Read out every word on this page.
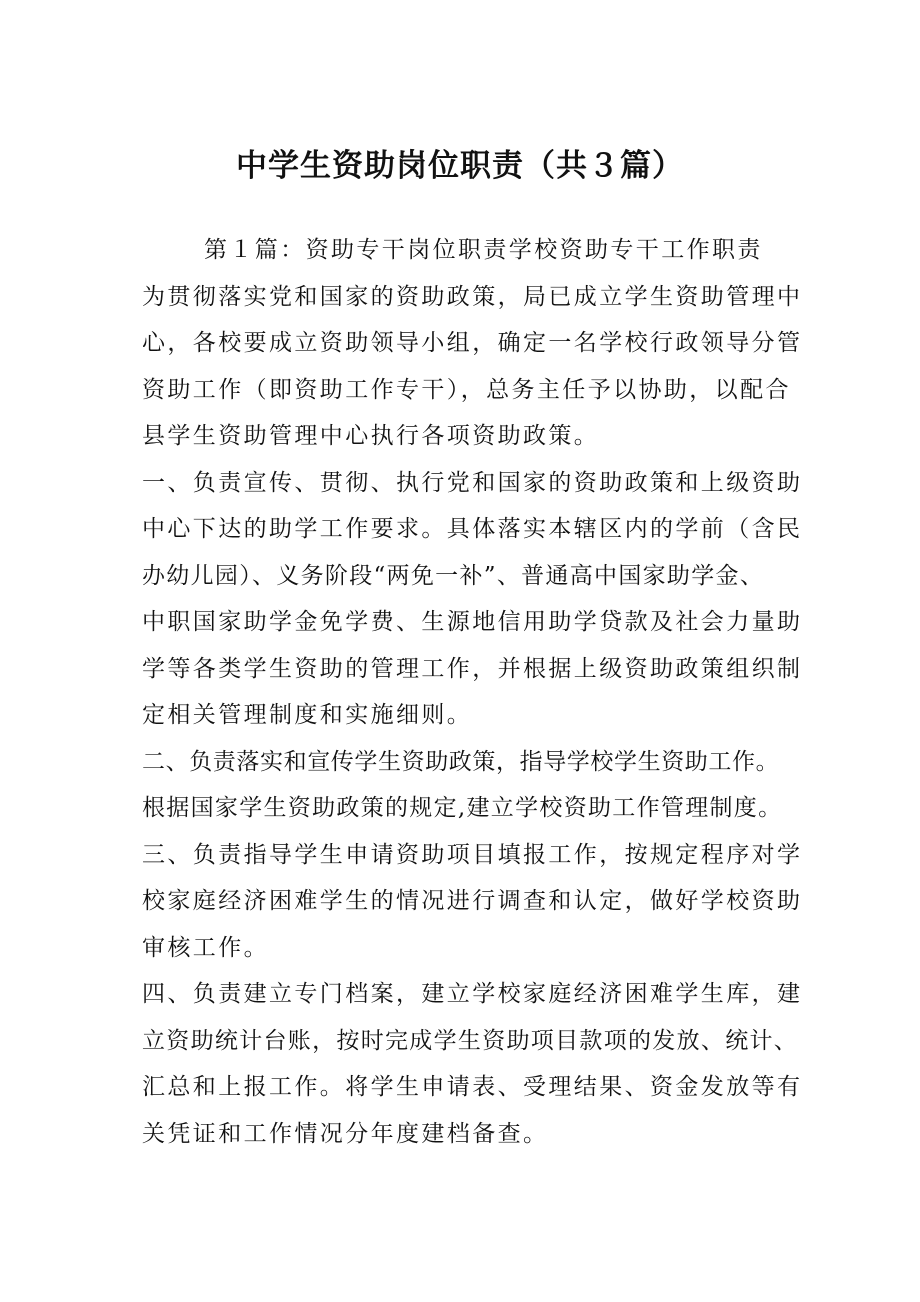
中学生资助岗位职责（共３篇）
第１篇：资助专干岗位职责学校资助专干工作职责
为贯彻落实党和国家的资助政策，局已成立学生资助管理中
心，各校要成立资助领导小组，确定一名学校行政领导分管
资助工作（即资助工作专干），总务主任予以协助，以配合
县学生资助管理中心执行各项资助政策。
一、负责宣传、贯彻、执行党和国家的资助政策和上级资助
中心下达的助学工作要求。具体落实本辖区内的学前（含民
办幼儿园）、义务阶段“两免一补”、普通高中国家助学金、
中职国家助学金免学费、生源地信用助学贷款及社会力量助
学等各类学生资助的管理工作，并根据上级资助政策组织制
定相关管理制度和实施细则。
二、负责落实和宣传学生资助政策，指导学校学生资助工作。
根据国家学生资助政策的规定,建立学校资助工作管理制度。
三、负责指导学生申请资助项目填报工作，按规定程序对学
校家庭经济困难学生的情况进行调查和认定，做好学校资助
审核工作。
四、负责建立专门档案，建立学校家庭经济困难学生库，建
立资助统计台账，按时完成学生资助项目款项的发放、统计、
汇总和上报工作。将学生申请表、受理结果、资金发放等有
关凭证和工作情况分年度建档备查。
